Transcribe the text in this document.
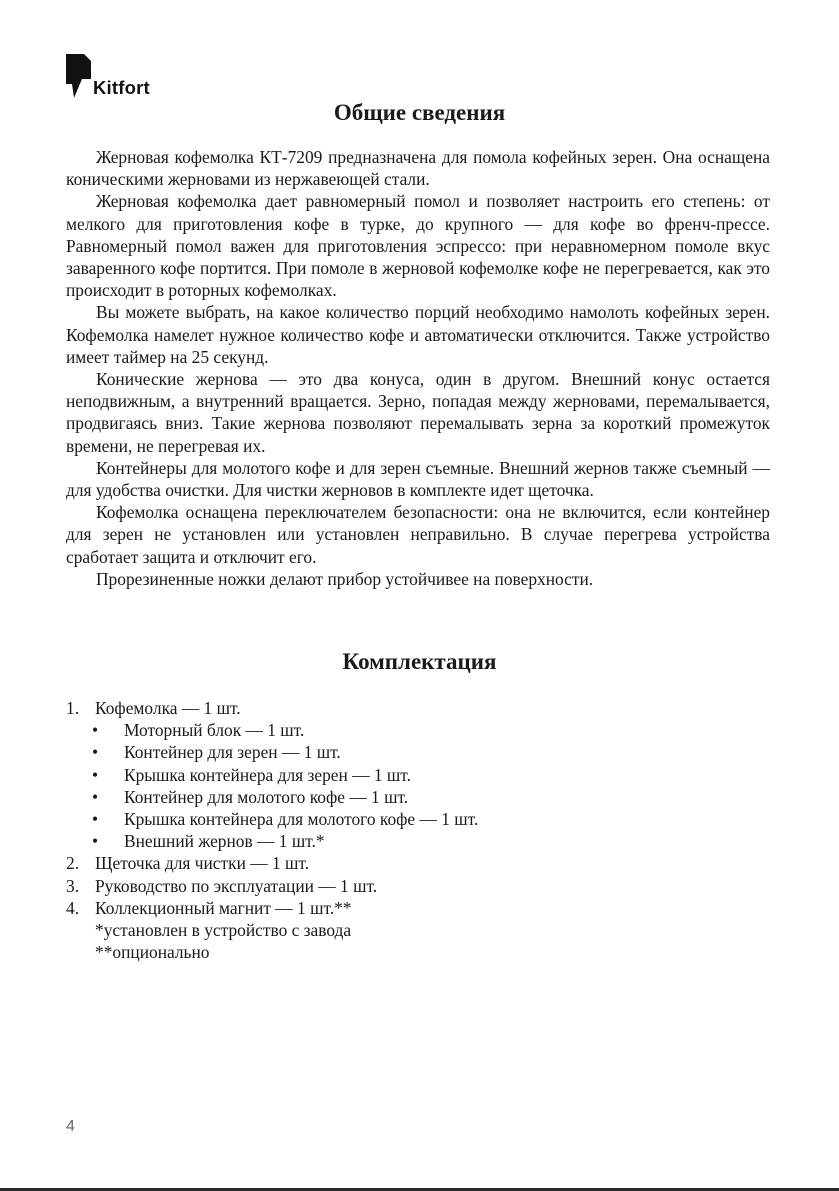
Kitfort
Общие сведения

Жерновая кофемолка КТ-7209 предназначена для помола кофейных зерен. Она оснащена коническими жерновами из нержавеющей стали.

Жерновая кофемолка дает равномерный помол и позволяет настроить его степень: от мелкого для приготовления кофе в турке, до крупного — для кофе во френч-прессе. Равномерный помол важен для приготовления эспрессо: при неравномерном помоле вкус заваренного кофе портится. При помоле в жерновой кофемолке кофе не перегревается, как это происходит в роторных кофемолках.

Вы можете выбрать, на какое количество порций необходимо намолоть кофейных зерен. Кофемолка намелет нужное количество кофе и автоматически отключится. Также устройство имеет таймер на 25 секунд.

Конические жернова — это два конуса, один в другом. Внешний конус остается неподвижным, а внутренний вращается. Зерно, попадая между жерновами, перемалывается, продвигаясь вниз. Такие жернова позволяют перемалывать зерна за короткий промежуток времени, не перегревая их.

Контейнеры для молотого кофе и для зерен съемные. Внешний жернов также съемный — для удобства очистки. Для чистки жерновов в комплекте идет щеточка.

Кофемолка оснащена переключателем безопасности: она не включится, если контейнер для зерен не установлен или установлен неправильно. В случае перегрева устройства сработает защита и отключит его.

Прорезиненные ножки делают прибор устойчивее на поверхности.

Комплектация
1. Кофемолка — 1 шт.
• Моторный блок — 1 шт.
• Контейнер для зерен — 1 шт.
• Крышка контейнера для зерен — 1 шт.
• Контейнер для молотого кофе — 1 шт.
• Крышка контейнера для молотого кофе — 1 шт.
• Внешний жернов — 1 шт.*
2. Щеточка для чистки — 1 шт.
3. Руководство по эксплуатации — 1 шт.
4. Коллекционный магнит — 1 шт.**
*установлен в устройство с завода
**опционально
4
